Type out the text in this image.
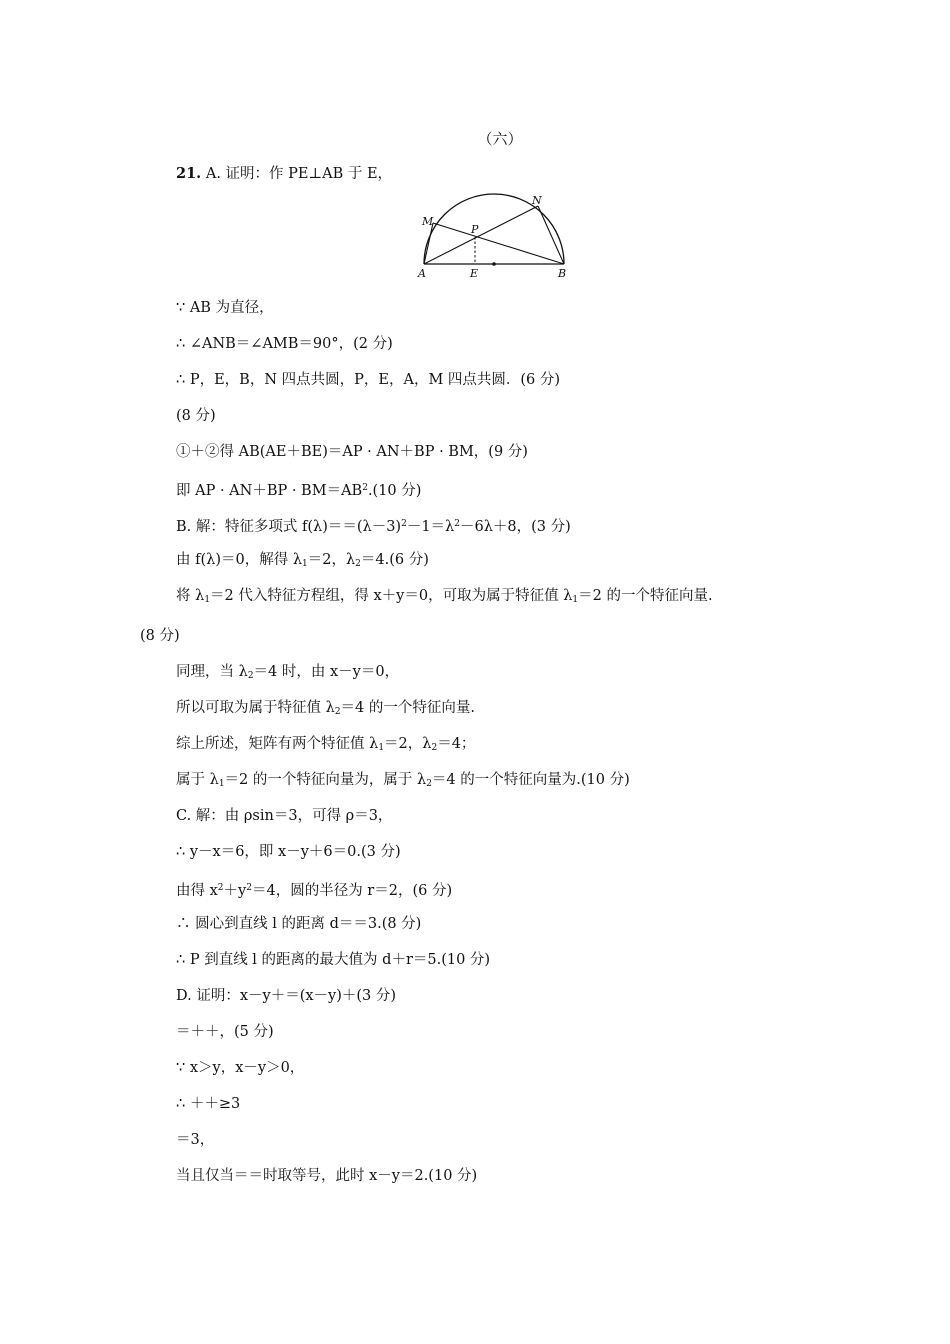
（六）
21. A. 证明：作 PE⊥AB 于 E，
M
N
P
A	E	B
∵ AB 为直径，
∴ ∠ANB＝∠AMB＝90°，(2 分)
∴ P，E，B，N 四点共圆，P，E，A，M 四点共圆．(6 分)
(8 分)
①＋②得 AB(AE＋BE)＝AP · AN＋BP · BM，(9 分)
即 AP · $AN+BP \cdot BM=AB^2.(10$ 分)
B. 解：特征多项式 $f(\lambda)==(\lambda-3)^2-1=\lambda^2-6\lambda+8$，(3 分)
由 f(λ)＝0，解得 $\lambda_1=2$，$\lambda_2=4.(6$ 分)
将 $\lambda_1=2$ 代入特征方程组，得 x＋y＝0，可取为属于特征值 $\lambda_1=2$ 的一个特征向量.
(8 分)
同理，当 $\lambda_2=4$ 时，由 x－y＝0，
所以可取为属于特征值 $\lambda_2=4$ 的一个特征向量.
综上所述，矩阵有两个特征值 $\lambda_1=2$，$\lambda_2=4$；
属于 $\lambda_1=2$ 的一个特征向量为，属于 $\lambda_2=4$ 的一个特征向量为.(10 分)
C. 解：由 ρsin＝3，可得 ρ＝3，
∴ y－x＝6，即 x－y＋6＝0.(3 分)
由得 $x^2+y^2=4$，圆的半径为 r＝2，(6 分)
∴ 圆心到直线 l 的距离 d＝＝3.(8 分)
∴ P 到直线 l 的距离的最大值为 d＋r＝5.(10 分)
D. 证明：x－y＋＝(x－y)＋(3 分)
＝＋＋，(5 分)
∵ x＞y，x－y＞0，
∴ ＋＋≥3
＝3，
当且仅当＝＝时取等号，此时 x－y＝2.(10 分)
